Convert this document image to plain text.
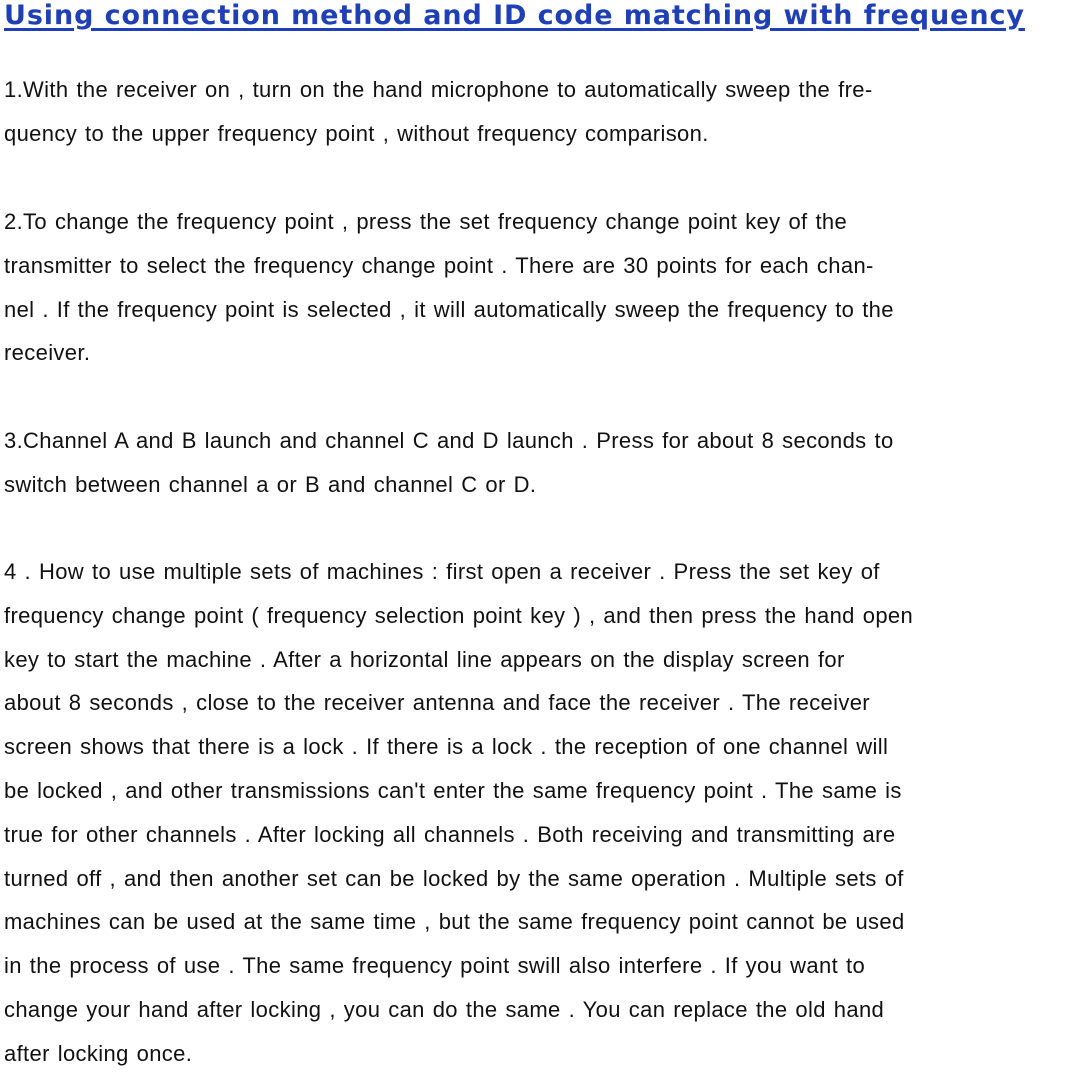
Using connection method and ID code matching with frequency

1.With the receiver on , turn on the hand microphone to automatically sweep the fre-
quency to the upper frequency point , without frequency comparison.

2.To change the frequency point , press the set frequency change point key of the
transmitter to select the frequency change point . There are 30 points for each chan-
nel . If the frequency point is selected , it will automatically sweep the frequency to the
receiver.

3.Channel A and B launch and channel C and D launch . Press for about 8 seconds to
switch between channel a or B and channel C or D.

4 . How to use multiple sets of machines : first open a receiver . Press the set key of
frequency change point ( frequency selection point key ) , and then press the hand open
key to start the machine . After a horizontal line appears on the display screen for
about 8 seconds , close to the receiver antenna and face the receiver . The receiver
screen shows that there is a lock . If there is a lock . the reception of one channel will
be locked , and other transmissions can't enter the same frequency point . The same is
true for other channels . After locking all channels . Both receiving and transmitting are
turned off , and then another set can be locked by the same operation . Multiple sets of
machines can be used at the same time , but the same frequency point cannot be used
in the process of use . The same frequency point swill also interfere . If you want to
change your hand after locking , you can do the same . You can replace the old hand
after locking once.
